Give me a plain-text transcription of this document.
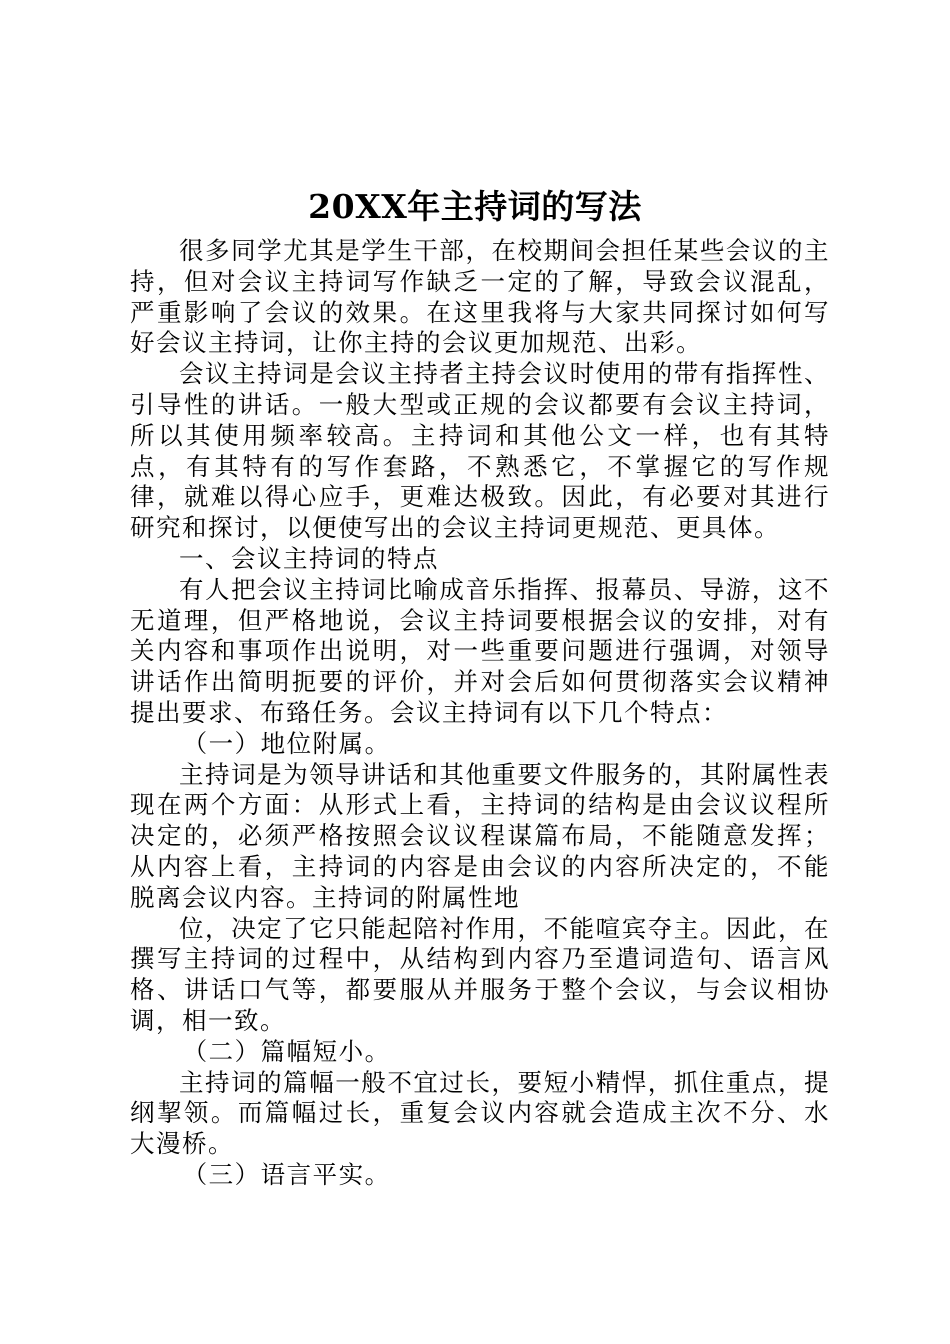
20XX年主持词的写法

很多同学尤其是学生干部，在校期间会担任某些会议的主持，但对会议主持词写作缺乏一定的了解，导致会议混乱，严重影响了会议的效果。在这里我将与大家共同探讨如何写好会议主持词，让你主持的会议更加规范、出彩。

会议主持词是会议主持者主持会议时使用的带有指挥性、引导性的讲话。一般大型或正规的会议都要有会议主持词，所以其使用频率较高。主持词和其他公文一样，也有其特点，有其特有的写作套路，不熟悉它，不掌握它的写作规律，就难以得心应手，更难达极致。因此，有必要对其进行研究和探讨，以便使写出的会议主持词更规范、更具体。

一、会议主持词的特点

有人把会议主持词比喻成音乐指挥、报幕员、导游，这不无道理，但严格地说，会议主持词要根据会议的安排，对有关内容和事项作出说明，对一些重要问题进行强调，对领导讲话作出简明扼要的评价，并对会后如何贯彻落实会议精神提出要求、布臵任务。会议主持词有以下几个特点：

（一）地位附属。

主持词是为领导讲话和其他重要文件服务的，其附属性表现在两个方面：从形式上看，主持词的结构是由会议议程所决定的，必须严格按照会议议程谋篇布局，不能随意发挥；从内容上看，主持词的内容是由会议的内容所决定的，不能脱离会议内容。主持词的附属性地

位，决定了它只能起陪衬作用，不能喧宾夺主。因此，在撰写主持词的过程中，从结构到内容乃至遣词造句、语言风格、讲话口气等，都要服从并服务于整个会议，与会议相协调，相一致。

（二）篇幅短小。

主持词的篇幅一般不宜过长，要短小精悍，抓住重点，提纲挈领。而篇幅过长，重复会议内容就会造成主次不分、水大漫桥。

（三）语言平实。
